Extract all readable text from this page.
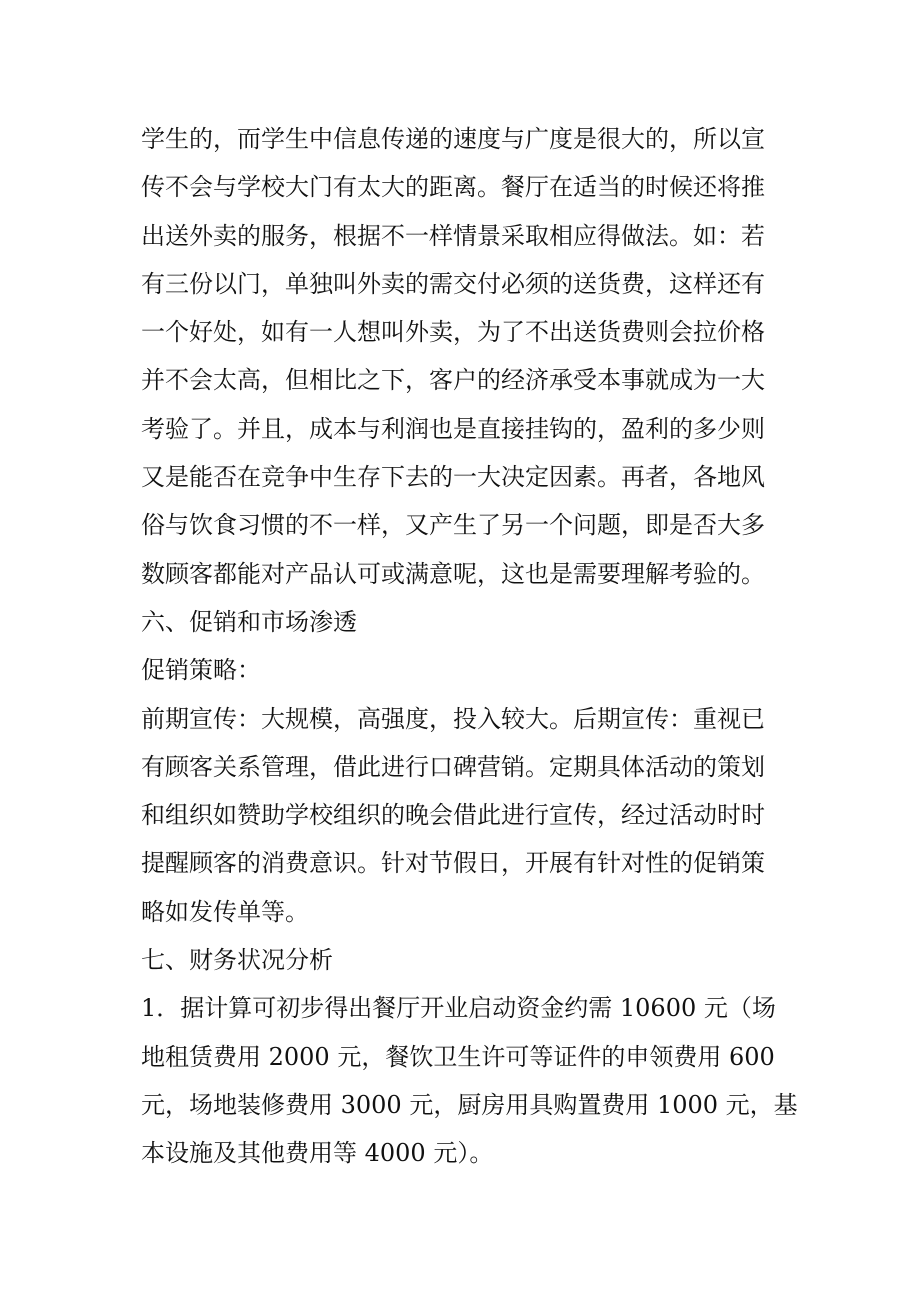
学生的，而学生中信息传递的速度与广度是很大的，所以宣
传不会与学校大门有太大的距离。餐厅在适当的时候还将推
出送外卖的服务，根据不一样情景采取相应得做法。如：若
有三份以门，单独叫外卖的需交付必须的送货费，这样还有
一个好处，如有一人想叫外卖，为了不出送货费则会拉价格
并不会太高，但相比之下，客户的经济承受本事就成为一大
考验了。并且，成本与利润也是直接挂钩的，盈利的多少则
又是能否在竞争中生存下去的一大决定因素。再者，各地风
俗与饮食习惯的不一样，又产生了另一个问题，即是否大多
数顾客都能对产品认可或满意呢，这也是需要理解考验的。
六、促销和市场渗透
促销策略：
前期宣传：大规模，高强度，投入较大。后期宣传：重视已
有顾客关系管理，借此进行口碑营销。定期具体活动的策划
和组织如赞助学校组织的晚会借此进行宣传，经过活动时时
提醒顾客的消费意识。针对节假日，开展有针对性的促销策
略如发传单等。
七、财务状况分析
1．据计算可初步得出餐厅开业启动资金约需 10600 元（场
地租赁费用 2000 元，餐饮卫生许可等证件的申领费用 600
元，场地装修费用 3000 元，厨房用具购置费用 1000 元，基
本设施及其他费用等 4000 元）。
